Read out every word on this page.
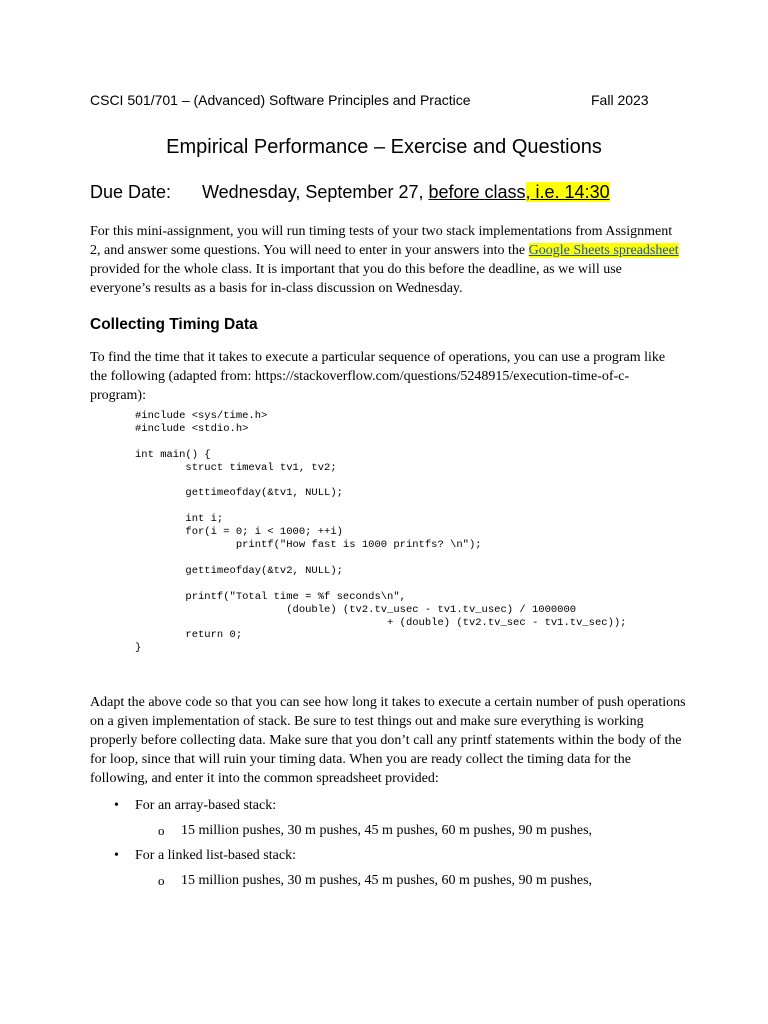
CSCI 501/701 – (Advanced) Software Principles and Practice	Fall 2023
Empirical Performance – Exercise and Questions
Due Date: Wednesday, September 27, before class, i.e. 14:30
For this mini-assignment, you will run timing tests of your two stack implementations from Assignment
2, and answer some questions. You will need to enter in your answers into the Google Sheets spreadsheet
provided for the whole class. It is important that you do this before the deadline, as we will use
everyone’s results as a basis for in-class discussion on Wednesday.
Collecting Timing Data
To find the time that it takes to execute a particular sequence of operations, you can use a program like
the following (adapted from: https://stackoverflow.com/questions/5248915/execution-time-of-c-
program):
#include <sys/time.h>
#include <stdio.h>

int main() {
struct timeval tv1, tv2;

gettimeofday(&tv1, NULL);

int i;
for(i = 0; i < 1000; ++i)
printf("How fast is 1000 printfs? \n");

gettimeofday(&tv2, NULL);

printf("Total time = %f seconds\n",
(double) (tv2.tv_usec - tv1.tv_usec) / 1000000
+ (double) (tv2.tv_sec - tv1.tv_sec));
return 0;
}
Adapt the above code so that you can see how long it takes to execute a certain number of push operations
on a given implementation of stack. Be sure to test things out and make sure everything is working
properly before collecting data. Make sure that you don’t call any printf statements within the body of the
for loop, since that will ruin your timing data. When you are ready collect the timing data for the
following, and enter it into the common spreadsheet provided:
• For an array-based stack:
o 15 million pushes, 30 m pushes, 45 m pushes, 60 m pushes, 90 m pushes,
• For a linked list-based stack:
o 15 million pushes, 30 m pushes, 45 m pushes, 60 m pushes, 90 m pushes,
